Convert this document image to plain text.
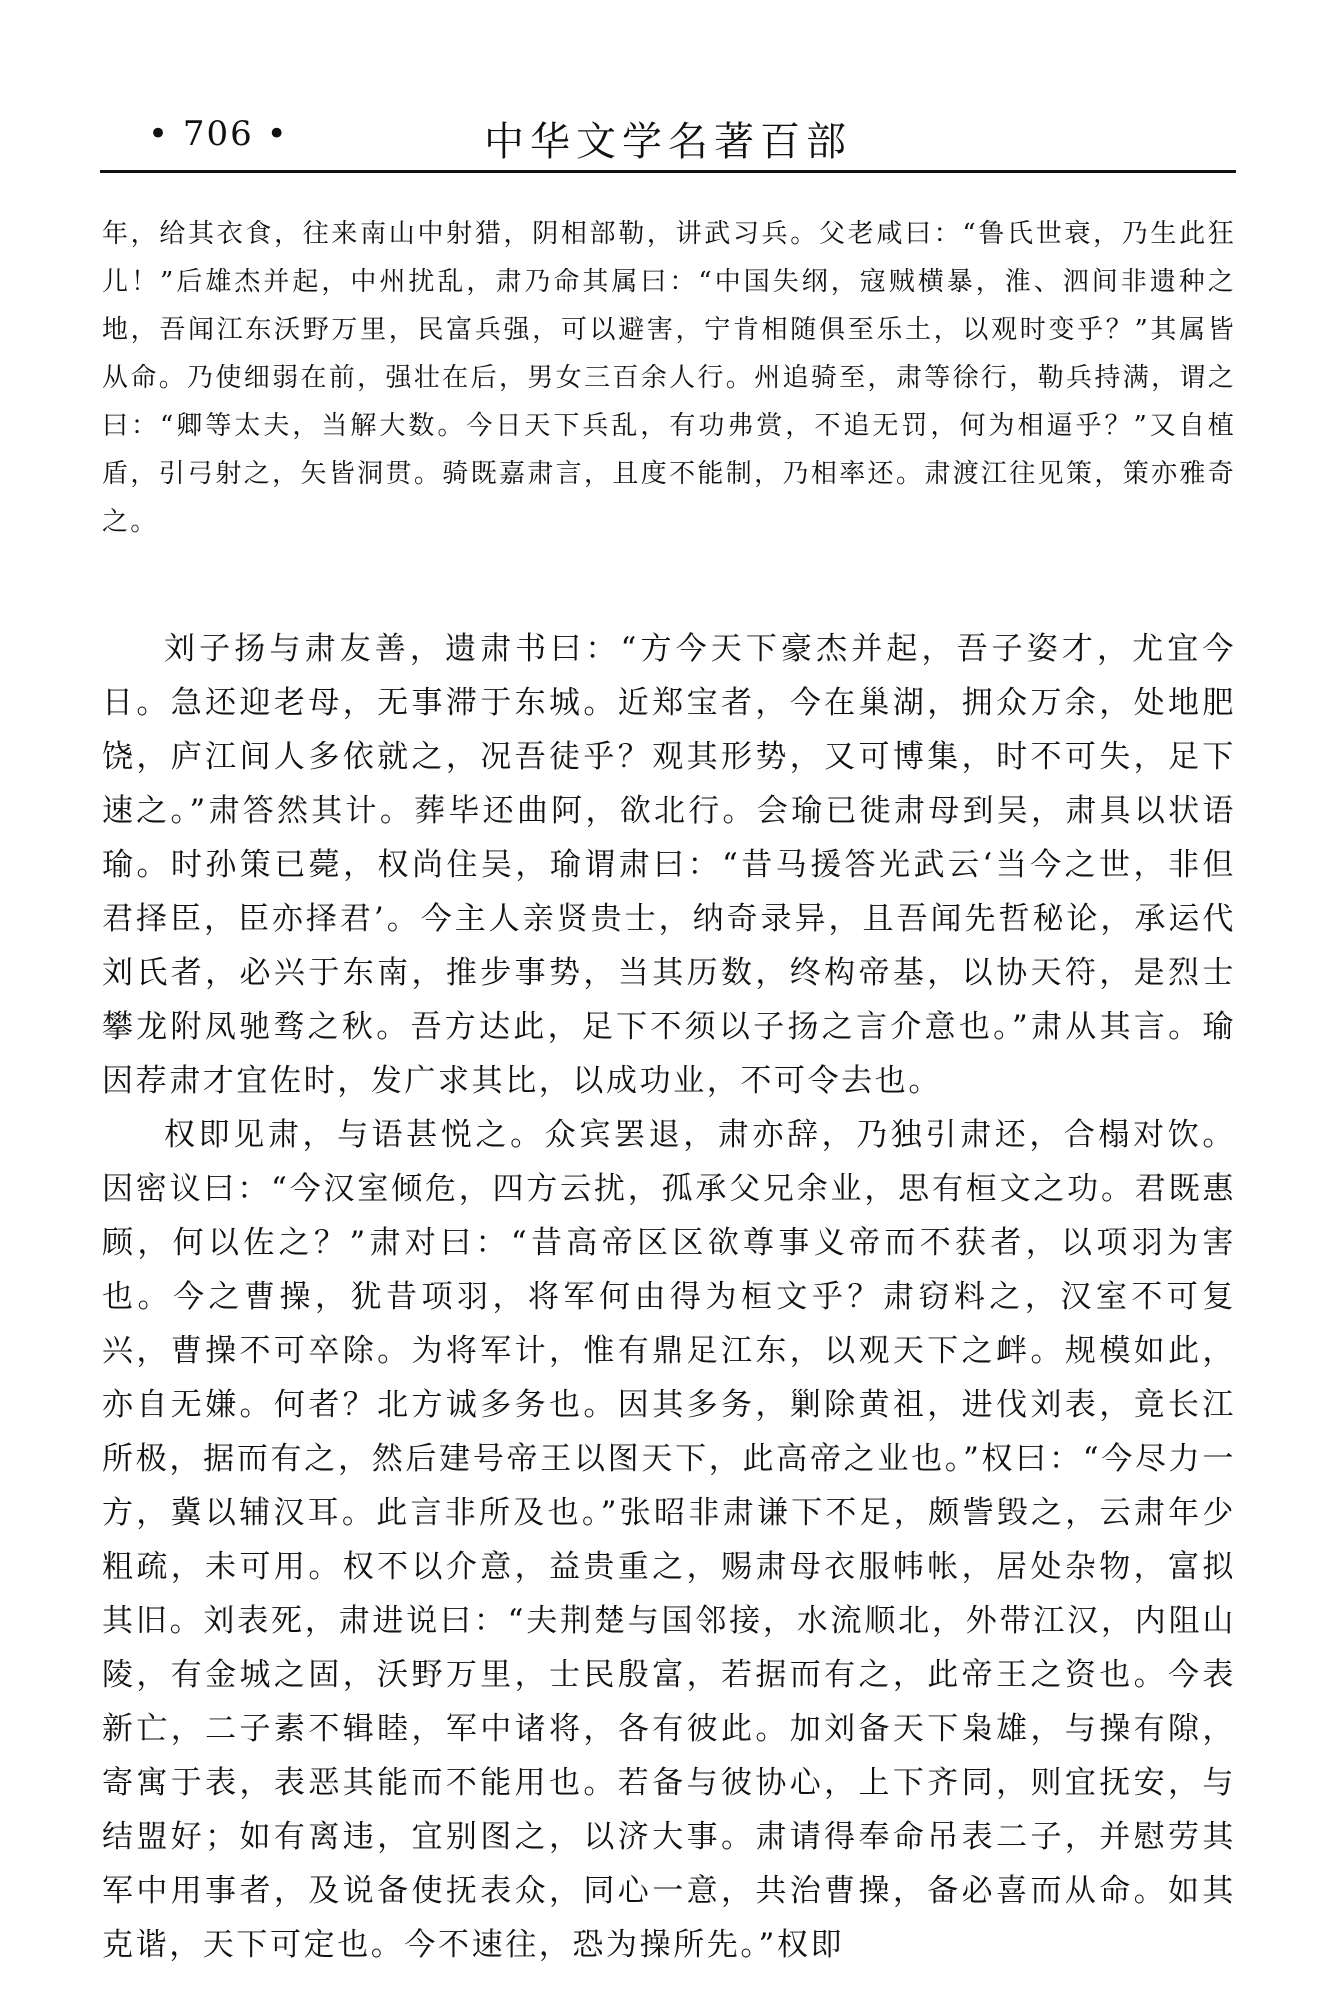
• 706 •	中华文学名著百部
年，给其衣食，往来南山中射猎，阴相部勒，讲武习兵。父老咸曰：“鲁氏世衰，乃生此狂儿！”后雄杰并起，中州扰乱，肃乃命其属曰：“中国失纲，寇贼横暴，淮、泗间非遗种之地，吾闻江东沃野万里，民富兵强，可以避害，宁肯相随俱至乐土，以观时变乎？”其属皆从命。乃使细弱在前，强壮在后，男女三百余人行。州追骑至，肃等徐行，勒兵持满，谓之曰：“卿等太夫，当解大数。今日天下兵乱，有功弗赏，不追无罚，何为相逼乎？”又自植盾，引弓射之，矢皆洞贯。骑既嘉肃言，且度不能制，乃相率还。肃渡江往见策，策亦雅奇之。

刘子扬与肃友善，遗肃书曰：“方今天下豪杰并起，吾子姿才，尤宜今日。急还迎老母，无事滞于东城。近郑宝者，今在巢湖，拥众万余，处地肥饶，庐江间人多依就之，况吾徒乎？观其形势，又可博集，时不可失，足下速之。”肃答然其计。葬毕还曲阿，欲北行。会瑜已徙肃母到吴，肃具以状语瑜。时孙策已薨，权尚住吴，瑜谓肃曰：“昔马援答光武云‘当今之世，非但君择臣，臣亦择君’。今主人亲贤贵士，纳奇录异，且吾闻先哲秘论，承运代刘氏者，必兴于东南，推步事势，当其历数，终构帝基，以协天符，是烈士攀龙附凤驰骛之秋。吾方达此，足下不须以子扬之言介意也。”肃从其言。瑜因荐肃才宜佐时，发广求其比，以成功业，不可令去也。

权即见肃，与语甚悦之。众宾罢退，肃亦辞，乃独引肃还，合榻对饮。因密议曰：“今汉室倾危，四方云扰，孤承父兄余业，思有桓文之功。君既惠顾，何以佐之？”肃对曰：“昔高帝区区欲尊事义帝而不获者，以项羽为害也。今之曹操，犹昔项羽，将军何由得为桓文乎？肃窃料之，汉室不可复兴，曹操不可卒除。为将军计，惟有鼎足江东，以观天下之衅。规模如此，亦自无嫌。何者？北方诚多务也。因其多务，剿除黄祖，进伐刘表，竟长江所极，据而有之，然后建号帝王以图天下，此高帝之业也。”权曰：“今尽力一方，冀以辅汉耳。此言非所及也。”张昭非肃谦下不足，颇訾毁之，云肃年少粗疏，未可用。权不以介意，益贵重之，赐肃母衣服帏帐，居处杂物，富拟其旧。刘表死，肃进说曰：“夫荆楚与国邻接，水流顺北，外带江汉，内阻山陵，有金城之固，沃野万里，士民殷富，若据而有之，此帝王之资也。今表新亡，二子素不辑睦，军中诸将，各有彼此。加刘备天下枭雄，与操有隙，寄寓于表，表恶其能而不能用也。若备与彼协心，上下齐同，则宜抚安，与结盟好；如有离违，宜别图之，以济大事。肃请得奉命吊表二子，并慰劳其军中用事者，及说备使抚表众，同心一意，共治曹操，备必喜而从命。如其克谐，天下可定也。今不速往，恐为操所先。”权即
